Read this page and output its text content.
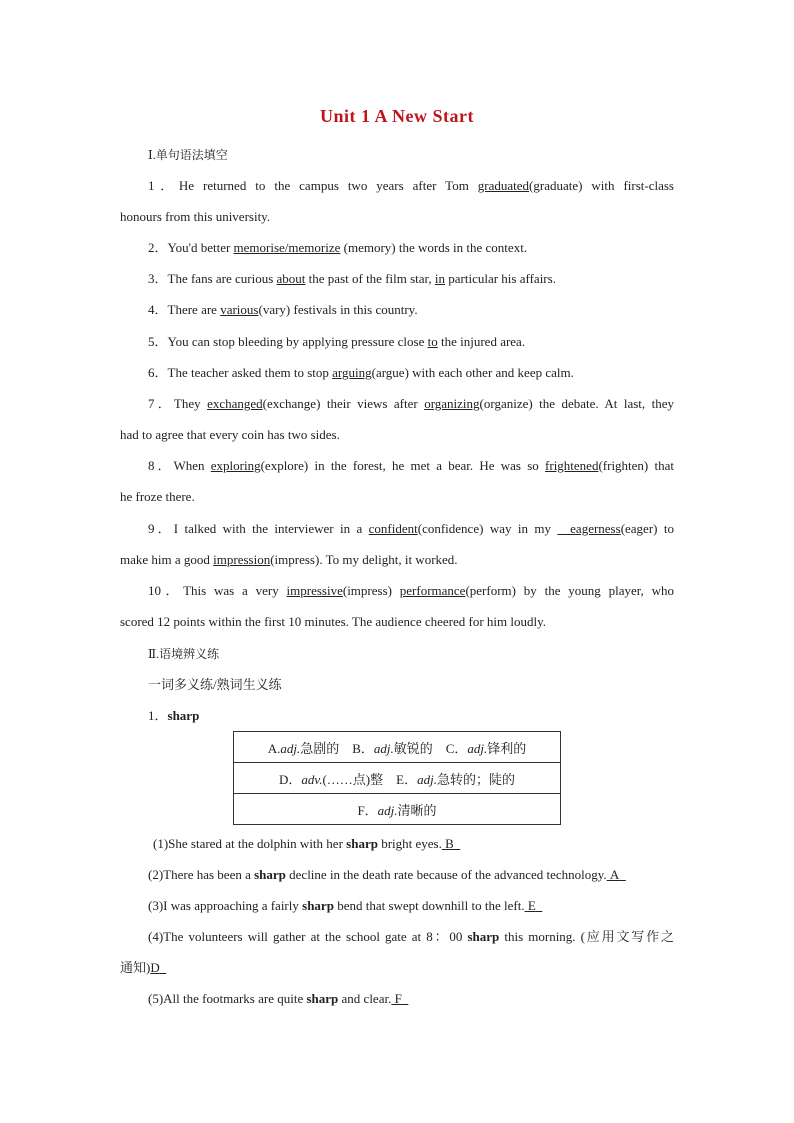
Unit 1 A New Start
Ⅰ.单句语法填空
1．He returned to the campus two years after Tom graduated(graduate) with first-class
honours from this university.
2．You'd better memorise/memorize (memory) the words in the context.
3．The fans are curious about the past of the film star, in particular his affairs.
4．There are various(vary) festivals in this country.
5．You can stop bleeding by applying pressure close to the injured area.
6．The teacher asked them to stop arguing(argue) with each other and keep calm.
7．They exchanged(exchange) their views after organizing(organize) the debate. At last, they
had to agree that every coin has two sides.
8．When exploring(explore) in the forest, he met a bear. He was so frightened(frighten) that
he froze there.
9．I talked with the interviewer in a confident(confidence) way in my   eagerness(eager) to
make him a good impression(impress). To my delight, it worked.
10．This was a very impressive(impress) performance(perform) by the young player, who
scored 12 points within the first 10 minutes. The audience cheered for him loudly.
Ⅱ.语境辨义练
一词多义练/熟词生义练
1．sharp
A.adj.急剧的　B．adj.敏锐的　C．adj.锋利的
D．adv.(……点)整　E．adj.急转的；陡的
F．adj.清晰的
(1)She stared at the dolphin with her sharp bright eyes. B
(2)There has been a sharp decline in the death rate because of the advanced technology. A
(3)I was approaching a fairly sharp bend that swept downhill to the left. E
(4)The volunteers will gather at the school gate at 8：00 sharp this morning. (应用文写作之
通知)D
(5)All the footmarks are quite sharp and clear. F
